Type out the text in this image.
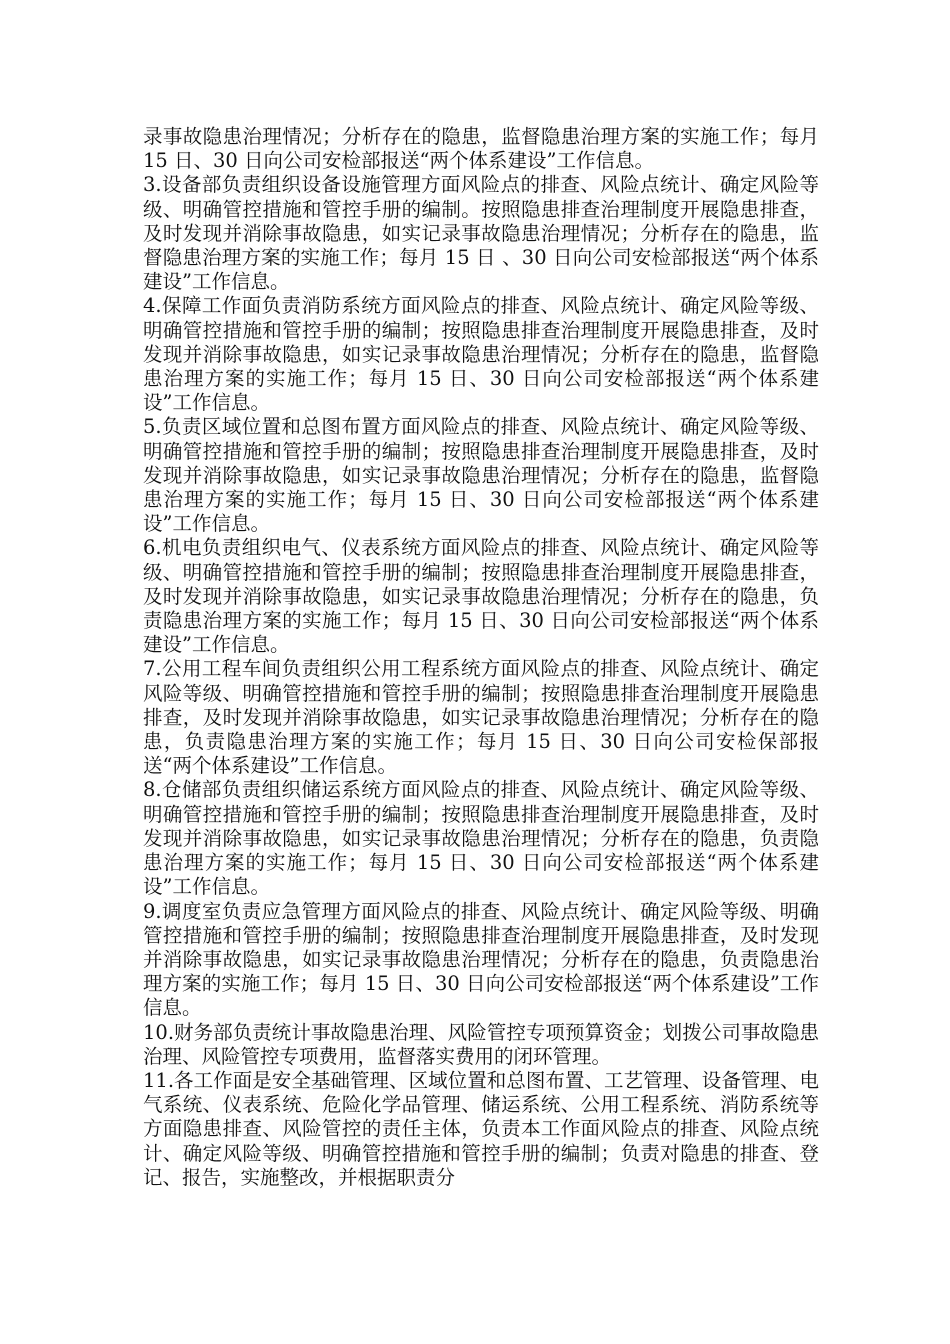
录事故隐患治理情况；分析存在的隐患，监督隐患治理方案的实施工作；每月 15 日、30 日向公司安检部报送“两个体系建设”工作信息。

3.设备部负责组织设备设施管理方面风险点的排查、风险点统计、确定风险等级、明确管控措施和管控手册的编制。按照隐患排查治理制度开展隐患排查，及时发现并消除事故隐患，如实记录事故隐患治理情况；分析存在的隐患，监督隐患治理方案的实施工作；每月 15 日 、30 日向公司安检部报送“两个体系建设”工作信息。

4.保障工作面负责消防系统方面风险点的排查、风险点统计、确定风险等级、明确管控措施和管控手册的编制；按照隐患排查治理制度开展隐患排查，及时发现并消除事故隐患，如实记录事故隐患治理情况；分析存在的隐患，监督隐患治理方案的实施工作；每月 15 日、30 日向公司安检部报送“两个体系建设”工作信息。

5.负责区域位置和总图布置方面风险点的排查、风险点统计、确定风险等级、明确管控措施和管控手册的编制；按照隐患排查治理制度开展隐患排查，及时发现并消除事故隐患，如实记录事故隐患治理情况；分析存在的隐患，监督隐患治理方案的实施工作；每月 15 日、30 日向公司安检部报送“两个体系建设”工作信息。

6.机电负责组织电气、仪表系统方面风险点的排查、风险点统计、确定风险等级、明确管控措施和管控手册的编制；按照隐患排查治理制度开展隐患排查，及时发现并消除事故隐患，如实记录事故隐患治理情况；分析存在的隐患，负责隐患治理方案的实施工作；每月 15 日、30 日向公司安检部报送“两个体系建设”工作信息。

7.公用工程车间负责组织公用工程系统方面风险点的排查、风险点统计、确定风险等级、明确管控措施和管控手册的编制；按照隐患排查治理制度开展隐患排查，及时发现并消除事故隐患，如实记录事故隐患治理情况；分析存在的隐患，负责隐患治理方案的实施工作；每月 15 日、30 日向公司安检保部报送“两个体系建设”工作信息。

8.仓储部负责组织储运系统方面风险点的排查、风险点统计、确定风险等级、明确管控措施和管控手册的编制；按照隐患排查治理制度开展隐患排查，及时发现并消除事故隐患，如实记录事故隐患治理情况；分析存在的隐患，负责隐患治理方案的实施工作；每月 15 日、30 日向公司安检部报送“两个体系建设”工作信息。

9.调度室负责应急管理方面风险点的排查、风险点统计、确定风险等级、明确管控措施和管控手册的编制；按照隐患排查治理制度开展隐患排查，及时发现并消除事故隐患，如实记录事故隐患治理情况；分析存在的隐患，负责隐患治理方案的实施工作；每月 15 日、30 日向公司安检部报送“两个体系建设”工作信息。

10.财务部负责统计事故隐患治理、风险管控专项预算资金；划拨公司事故隐患治理、风险管控专项费用，监督落实费用的闭环管理。

11.各工作面是安全基础管理、区域位置和总图布置、工艺管理、设备管理、电气系统、仪表系统、危险化学品管理、储运系统、公用工程系统、消防系统等方面隐患排查、风险管控的责任主体，负责本工作面风险点的排查、风险点统计、确定风险等级、明确管控措施和管控手册的编制；负责对隐患的排查、登记、报告，实施整改，并根据职责分
